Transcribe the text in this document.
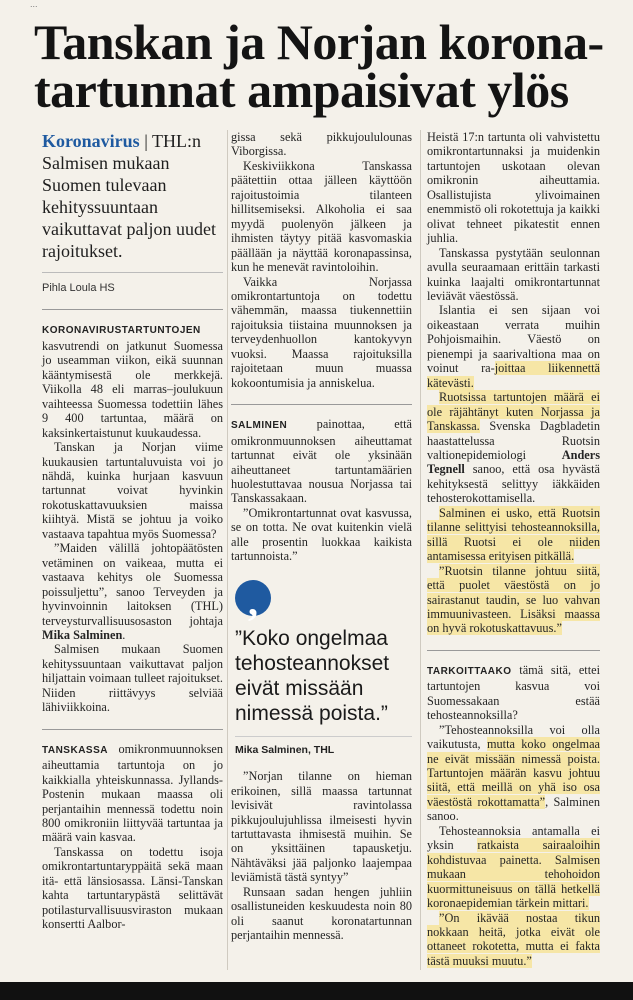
...
Tanskan ja Norjan korona-tartunnat ampaisivat ylös
Koronavirus | THL:n Salmisen mukaan Suomen tulevaan kehityssuuntaan vaikuttavat paljon uudet rajoitukset.
Pihla Loula HS

KORONAVIRUSTARTUNTOJEN kasvutrendi on jatkunut Suomessa jo useamman viikon, eikä suunnan kääntymisestä ole merkkejä. Viikolla 48 eli marras–joulukuun vaihteessa Suomessa todettiin lähes 9 400 tartuntaa, määrä on kaksinkertaistunut kuukaudessa.

Tanskan ja Norjan viime kuukausien tartuntaluvuista voi jo nähdä, kuinka hurjaan kasvuun tartunnat voivat hyvinkin rokotuskattavuuksien maissa kiihtyä. Mistä se johtuu ja voiko vastaava tapahtua myös Suomessa?

”Maiden välillä johtopäätösten vetäminen on vaikeaa, mutta ei vastaava kehitys ole Suomessa poissuljettu”, sanoo Terveyden ja hyvinvoinnin laitoksen (THL) terveysturvallisuusosaston johtaja Mika Salminen.

Salmisen mukaan Suomen kehityssuuntaan vaikuttavat paljon hiljattain voimaan tulleet rajoitukset. Niiden riittävyys selviää lähiviikkoina.

TANSKASSA omikronmuunnoksen aiheuttamia tartuntoja on jo kaikkialla yhteiskunnassa. Jyllands-Postenin mukaan maassa oli perjantaihin mennessä todettu noin 800 omikroniin liittyvää tartuntaa ja määrä vain kasvaa.

Tanskassa on todettu isoja omikrontartuntaryppäitä sekä maan itä- että länsiosassa. Länsi-Tanskan kahta tartuntarypästä selittävät potilasturvallisuusviraston mukaan konsertti Aalbor-

gissa sekä pikkujoululounas Viborgissa.

Keskiviikkona Tanskassa päätettiin ottaa jälleen käyttöön rajoitustoimia tilanteen hillitsemiseksi. Alkoholia ei saa myydä puolenyön jälkeen ja ihmisten täytyy pitää kasvomaskia päällään ja näyttää koronapassinsa, kun he menevät ravintoloihin.

Vaikka Norjassa omikrontartuntoja on todettu vähemmän, maassa tiukennettiin rajoituksia tiistaina muunnoksen ja terveydenhuollon kantokyvyn vuoksi. Maassa rajoituksilla rajoitetaan muun muassa kokoontumisia ja anniskelua.

SALMINEN painottaa, että omikronmuunnoksen aiheuttamat tartunnat eivät ole yksinään aiheuttaneet tartuntamäärien huolestuttavaa nousua Norjassa tai Tanskassakaan.

”Omikrontartunnat ovat kasvussa, se on totta. Ne ovat kuitenkin vielä alle prosentin luokkaa kaikista tartunnoista.”

,
”Koko ongelmaa tehosteannokset eivät missään nimessä poista.”
Mika Salminen, THL

”Norjan tilanne on hieman erikoinen, sillä maassa tartunnat levisivät ravintolassa pikkujoulujuhlissa ilmeisesti hyvin tartuttavasta ihmisestä muihin. Se on yksittäinen tapausketju. Nähtäväksi jää paljonko laajempaa leviämistä tästä syntyy”

Runsaan sadan hengen juhliin osallistuneiden keskuudesta noin 80 oli saanut koronatartunnan perjantaihin mennessä.

Heistä 17:n tartunta oli vahvistettu omikrontartunnaksi ja muidenkin tartuntojen uskotaan olevan omikronin aiheuttamia. Osallistujista ylivoimainen enemmistö oli rokotettuja ja kaikki olivat tehneet pikatestit ennen juhlia.

Tanskassa pystytään seulonnan avulla seuraamaan erittäin tarkasti kuinka laajalti omikrontartunnat leviävät väestössä.

Islantia ei sen sijaan voi oikeastaan verrata muihin Pohjoismaihin. Väestö on pienempi ja saarivaltiona maa on voinut ra-joittaa liikennettä kätevästi.

Ruotsissa tartuntojen määrä ei ole räjähtänyt kuten Norjassa ja Tanskassa. Svenska Dagbladetin haastattelussa Ruotsin valtionepidemiologi Anders Tegnell sanoo, että osa hyvästä kehityksestä selittyy iäkkäiden tehosterokottamisella.

Salminen ei usko, että Ruotsin tilanne selittyisi tehosteannoksilla, sillä Ruotsi ei ole niiden antamisessa erityisen pitkällä.

”Ruotsin tilanne johtuu siitä, että puolet väestöstä on jo sairastanut taudin, se luo vahvan immuunivasteen. Lisäksi maassa on hyvä rokotuskattavuus.”

TARKOITTAAKO tämä sitä, ettei tartuntojen kasvua voi Suomessakaan estää tehosteannoksilla?

”Tehosteannoksilla voi olla vaikutusta, mutta koko ongelmaa ne eivät missään nimessä poista. Tartuntojen määrän kasvu johtuu siitä, että meillä on yhä iso osa väestöstä rokottamatta”, Salminen sanoo.

Tehosteannoksia antamalla ei yksin ratkaista sairaaloihin kohdistuvaa painetta. Salmisen mukaan tehohoidon kuormittuneisuus on tällä hetkellä koronaepidemian tärkein mittari.

”On ikävää nostaa tikun nokkaan heitä, jotka eivät ole ottaneet rokotetta, mutta ei fakta tästä muuksi muutu.”
